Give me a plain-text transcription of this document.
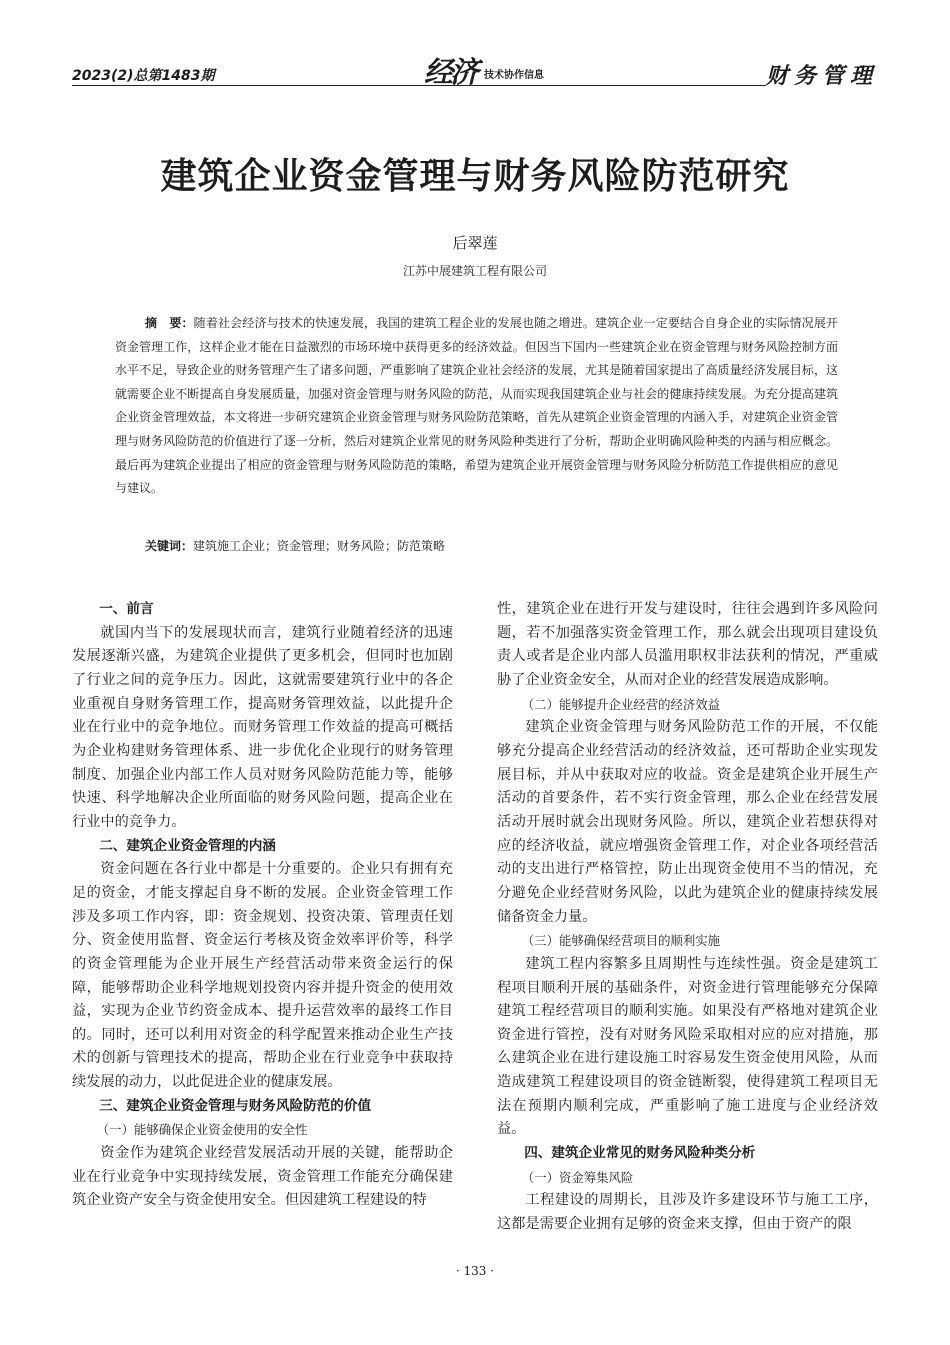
2023(2)总第1483期	经济 技术协作信息	财务管理
建筑企业资金管理与财务风险防范研究
后翠莲
江苏中展建筑工程有限公司
摘　要：随着社会经济与技术的快速发展，我国的建筑工程企业的发展也随之增进。建筑企业一定要结合自身企业的实际情况展开资金管理工作，这样企业才能在日益激烈的市场环境中获得更多的经济效益。但因当下国内一些建筑企业在资金管理与财务风险控制方面水平不足，导致企业的财务管理产生了诸多问题，严重影响了建筑企业社会经济的发展，尤其是随着国家提出了高质量经济发展目标，这就需要企业不断提高自身发展质量，加强对资金管理与财务风险的防范，从而实现我国建筑企业与社会的健康持续发展。为充分提高建筑企业资金管理效益，本文将进一步研究建筑企业资金管理与财务风险防范策略，首先从建筑企业资金管理的内涵入手，对建筑企业资金管理与财务风险防范的价值进行了逐一分析，然后对建筑企业常见的财务风险种类进行了分析，帮助企业明确风险种类的内涵与相应概念。最后再为建筑企业提出了相应的资金管理与财务风险防范的策略，希望为建筑企业开展资金管理与财务风险分析防范工作提供相应的意见与建议。
关键词：建筑施工企业；资金管理；财务风险；防范策略
一、前言

就国内当下的发展现状而言，建筑行业随着经济的迅速发展逐渐兴盛，为建筑企业提供了更多机会，但同时也加剧了行业之间的竞争压力。因此，这就需要建筑行业中的各企业重视自身财务管理工作，提高财务管理效益，以此提升企业在行业中的竞争地位。而财务管理工作效益的提高可概括为企业构建财务管理体系、进一步优化企业现行的财务管理制度、加强企业内部工作人员对财务风险防范能力等，能够快速、科学地解决企业所面临的财务风险问题，提高企业在行业中的竞争力。

二、建筑企业资金管理的内涵

资金问题在各行业中都是十分重要的。企业只有拥有充足的资金，才能支撑起自身不断的发展。企业资金管理工作涉及多项工作内容，即：资金规划、投资决策、管理责任划分、资金使用监督、资金运行考核及资金效率评价等，科学的资金管理能为企业开展生产经营活动带来资金运行的保障，能够帮助企业科学地规划投资内容并提升资金的使用效益，实现为企业节约资金成本、提升运营效率的最终工作目的。同时，还可以利用对资金的科学配置来推动企业生产技术的创新与管理技术的提高，帮助企业在行业竞争中获取持续发展的动力，以此促进企业的健康发展。

三、建筑企业资金管理与财务风险防范的价值
（一）能够确保企业资金使用的安全性

资金作为建筑企业经营发展活动开展的关键，能帮助企业在行业竞争中实现持续发展，资金管理工作能充分确保建筑企业资产安全与资金使用安全。但因建筑工程建设的特

性，建筑企业在进行开发与建设时，往往会遇到许多风险问题，若不加强落实资金管理工作，那么就会出现项目建设负责人或者是企业内部人员滥用职权非法获利的情况，严重威胁了企业资金安全，从而对企业的经营发展造成影响。

（二）能够提升企业经营的经济效益

建筑企业资金管理与财务风险防范工作的开展，不仅能够充分提高企业经营活动的经济效益，还可帮助企业实现发展目标，并从中获取对应的收益。资金是建筑企业开展生产活动的首要条件，若不实行资金管理，那么企业在经营发展活动开展时就会出现财务风险。所以，建筑企业若想获得对应的经济收益，就应增强资金管理工作，对企业各项经营活动的支出进行严格管控，防止出现资金使用不当的情况，充分避免企业经营财务风险，以此为建筑企业的健康持续发展储备资金力量。

（三）能够确保经营项目的顺利实施

建筑工程内容繁多且周期性与连续性强。资金是建筑工程项目顺利开展的基础条件，对资金进行管理能够充分保障建筑工程经营项目的顺利实施。如果没有严格地对建筑企业资金进行管控，没有对财务风险采取相对应的应对措施，那么建筑企业在进行建设施工时容易发生资金使用风险，从而造成建筑工程建设项目的资金链断裂，使得建筑工程项目无法在预期内顺利完成，严重影响了施工进度与企业经济效益。

四、建筑企业常见的财务风险种类分析
（一）资金筹集风险

工程建设的周期长，且涉及许多建设环节与施工工序，这都是需要企业拥有足够的资金来支撑，但由于资产的限

· 133 ·
